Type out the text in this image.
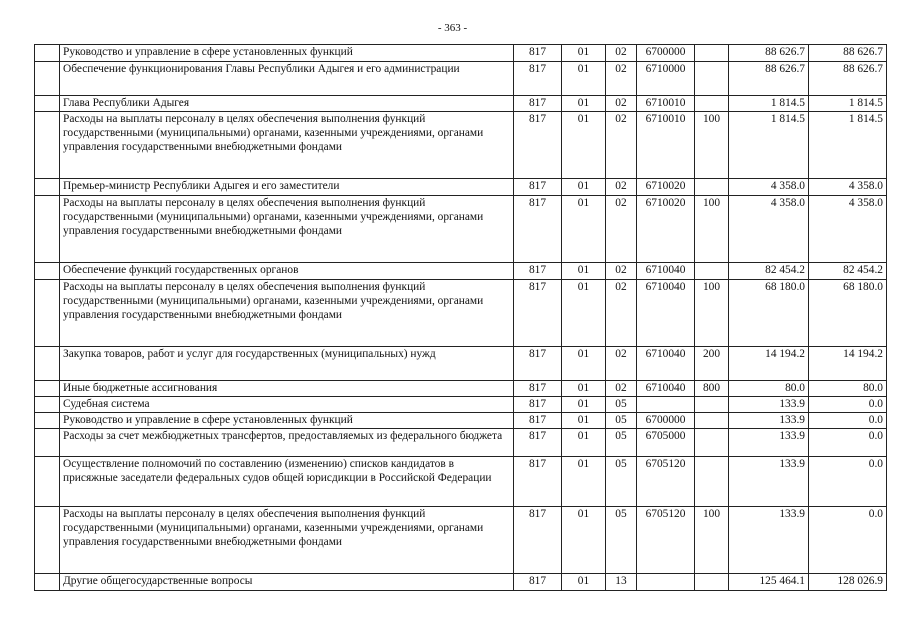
- 363 -
	Руководство и управление в сфере установленных функций	817	01	02	6700000		88 626.7	88 626.7
	Обеспечение функционирования Главы Республики Адыгея и его администрации	817	01	02	6710000		88 626.7	88 626.7
	Глава Республики Адыгея	817	01	02	6710010		1 814.5	1 814.5
	Расходы на выплаты персоналу в целях обеспечения выполнения функций государственными (муниципальными) органами, казенными учреждениями, органами управления государственными внебюджетными фондами	817	01	02	6710010	100	1 814.5	1 814.5
	Премьер-министр Республики Адыгея и его заместители	817	01	02	6710020		4 358.0	4 358.0
	Расходы на выплаты персоналу в целях обеспечения выполнения функций государственными (муниципальными) органами, казенными учреждениями, органами управления государственными внебюджетными фондами	817	01	02	6710020	100	4 358.0	4 358.0
	Обеспечение функций государственных органов	817	01	02	6710040		82 454.2	82 454.2
	Расходы на выплаты персоналу в целях обеспечения выполнения функций государственными (муниципальными) органами, казенными учреждениями, органами управления государственными внебюджетными фондами	817	01	02	6710040	100	68 180.0	68 180.0
	Закупка товаров, работ и услуг для государственных (муниципальных) нужд	817	01	02	6710040	200	14 194.2	14 194.2
	Иные бюджетные ассигнования	817	01	02	6710040	800	80.0	80.0
	Судебная система	817	01	05			133.9	0.0
	Руководство и управление в сфере установленных функций	817	01	05	6700000		133.9	0.0
	Расходы за счет межбюджетных трансфертов, предоставляемых из федерального бюджета	817	01	05	6705000		133.9	0.0
	Осуществление полномочий по составлению (изменению) списков кандидатов в присяжные заседатели федеральных судов общей юрисдикции в Российской Федерации	817	01	05	6705120		133.9	0.0
	Расходы на выплаты персоналу в целях обеспечения выполнения функций государственными (муниципальными) органами, казенными учреждениями, органами управления государственными внебюджетными фондами	817	01	05	6705120	100	133.9	0.0
	Другие общегосударственные вопросы	817	01	13			125 464.1	128 026.9
